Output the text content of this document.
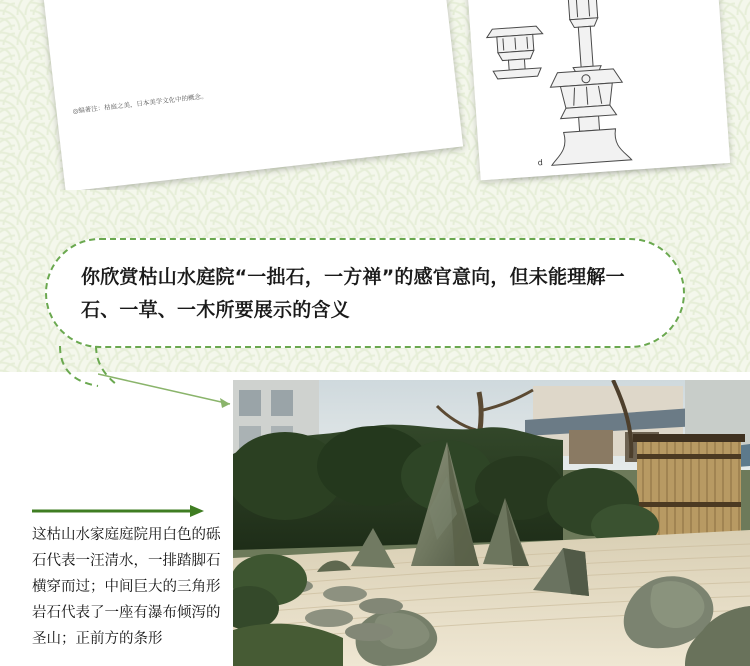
◎编著注：枯庭之美，日本美学文化中的概念。
d
你欣赏枯山水庭院“一拙石，一方禅”的感官意向，但未能理解一石、一草、一木所要展示的含义
这枯山水家庭庭院用白色的砾石代表一汪清水，一排踏脚石横穿而过；中间巨大的三角形岩石代表了一座有瀑布倾泻的圣山；正前方的条形
